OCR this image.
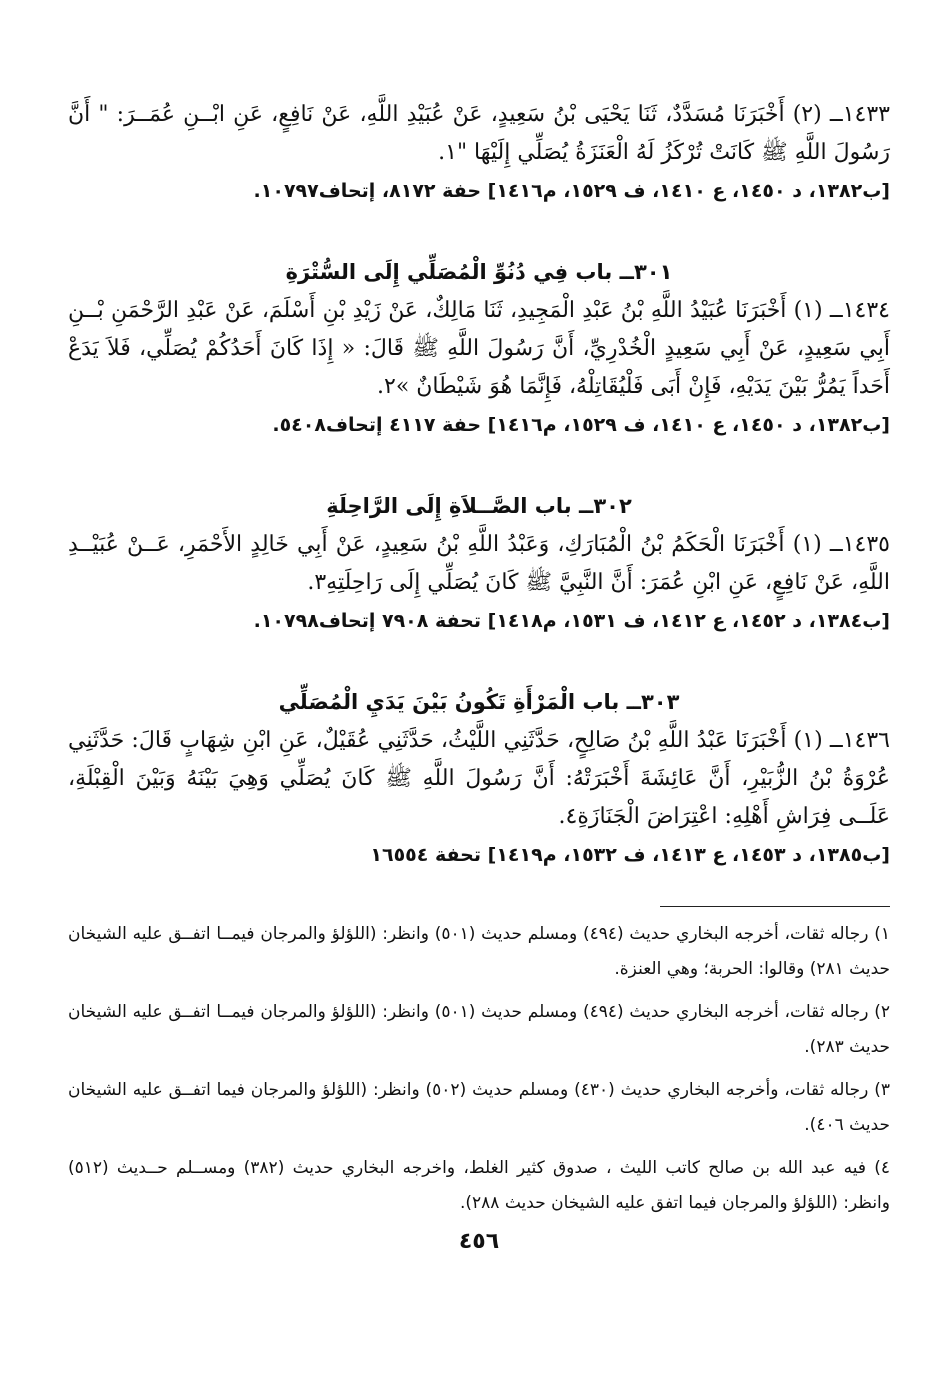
١٤٣٣ــ (٢) أَخْبَرَنَا مُسَدَّدٌ، ثَنَا يَحْيَى بْنُ سَعِيدٍ، عَنْ عُبَيْدِ اللَّهِ، عَنْ نَافِعٍ، عَنِ ابْــنِ عُمَــرَ: " أَنَّ رَسُولَ اللَّهِ ﷺ كَانَتْ تُرْكَزُ لَهُ الْعَنَزَةُ يُصَلِّي إِلَيْهَا "١.
[ب١٣٨٢، د ١٤٥٠، ع ١٤١٠، ف ١٥٢٩، م١٤١٦] حفة ٨١٧٢، إتحاف١٠٧٩٧.
٣٠١ــ باب فِي دُنُوِّ الْمُصَلِّي إِلَى السُّتْرَةِ
١٤٣٤ــ (١) أَخْبَرَنَا عُبَيْدُ اللَّهِ بْنُ عَبْدِ الْمَجِيدِ، ثَنَا مَالِكٌ، عَنْ زَيْدِ بْنِ أَسْلَمَ، عَنْ عَبْدِ الرَّحْمَنِ بْــنِ أَبِي سَعِيدٍ، عَنْ أَبِي سَعِيدٍ الْخُدْرِيِّ، أَنَّ رَسُولَ اللَّهِ ﷺ قَالَ: « إِذَا كَانَ أَحَدُكُمْ يُصَلِّي، فَلاَ يَدَعْ أَحَداً يَمُرُّ بَيْنَ يَدَيْهِ، فَإِنْ أَبَى فَلْيُقَاتِلْهُ، فَإِنَّمَا هُوَ شَيْطَانٌ »٢.
[ب١٣٨٢، د ١٤٥٠، ع ١٤١٠، ف ١٥٢٩، م١٤١٦] حفة ٤١١٧ إتحاف٥٤٠٨.
٣٠٢ــ باب الصَّــلاَةِ إِلَى الرَّاحِلَةِ
١٤٣٥ــ (١) أَخْبَرَنَا الْحَكَمُ بْنُ الْمُبَارَكِ، وَعَبْدُ اللَّهِ بْنُ سَعِيدٍ، عَنْ أَبِي خَالِدٍ الأَحْمَرِ، عَــنْ عُبَيْــدِ اللَّهِ، عَنْ نَافِعٍ، عَنِ ابْنِ عُمَرَ: أَنَّ النَّبِيَّ ﷺ كَانَ يُصَلِّي إِلَى رَاحِلَتِهِ٣.
[ب١٣٨٤، د ١٤٥٢، ع ١٤١٢، ف ١٥٣١، م١٤١٨] تحفة ٧٩٠٨ إتحاف١٠٧٩٨.
٣٠٣ــ باب الْمَرْأَةِ تَكُونُ بَيْنَ يَدَيِ الْمُصَلِّي
١٤٣٦ــ (١) أَخْبَرَنَا عَبْدُ اللَّهِ بْنُ صَالِحٍ، حَدَّثَنِي اللَّيْثُ، حَدَّثَنِي عُقَيْلٌ، عَنِ ابْنِ شِهَابٍ قَالَ: حَدَّثَنِي عُرْوَةُ بْنُ الزُّبَيْرِ، أَنَّ عَائِشَةَ أَخْبَرَتْهُ: أَنَّ رَسُولَ اللَّهِ ﷺ كَانَ يُصَلِّي وَهِيَ بَيْنَهُ وَبَيْنَ الْقِبْلَةِ، عَلَــى فِرَاشِ أَهْلِهِ: اعْتِرَاضَ الْجَنَازَةِ٤.
[ب١٣٨٥، د ١٤٥٣، ع ١٤١٣، ف ١٥٣٢، م١٤١٩] تحفة ١٦٥٥٤
١) رجاله ثقات، أخرجه البخاري حديث (٤٩٤) ومسلم حديث (٥٠١) وانظر: (اللؤلؤ والمرجان فيمــا اتفــق عليه الشيخان حديث ٢٨١) وقالوا: الحربة؛ وهي العنزة.
٢) رجاله ثقات، أخرجه البخاري حديث (٤٩٤) ومسلم حديث (٥٠١) وانظر: (اللؤلؤ والمرجان فيمــا اتفــق عليه الشيخان حديث ٢٨٣).
٣) رجاله ثقات، وأخرجه البخاري حديث (٤٣٠) ومسلم حديث (٥٠٢) وانظر: (اللؤلؤ والمرجان فيما اتفــق عليه الشيخان حديث ٤٠٦).
٤) فيه عبد الله بن صالح كاتب الليث ، صدوق كثير الغلط، واخرجه البخاري حديث (٣٨٢) ومســلم حــديث (٥١٢) وانظر: (اللؤلؤ والمرجان فيما اتفق عليه الشيخان حديث ٢٨٨).
٤٥٦
